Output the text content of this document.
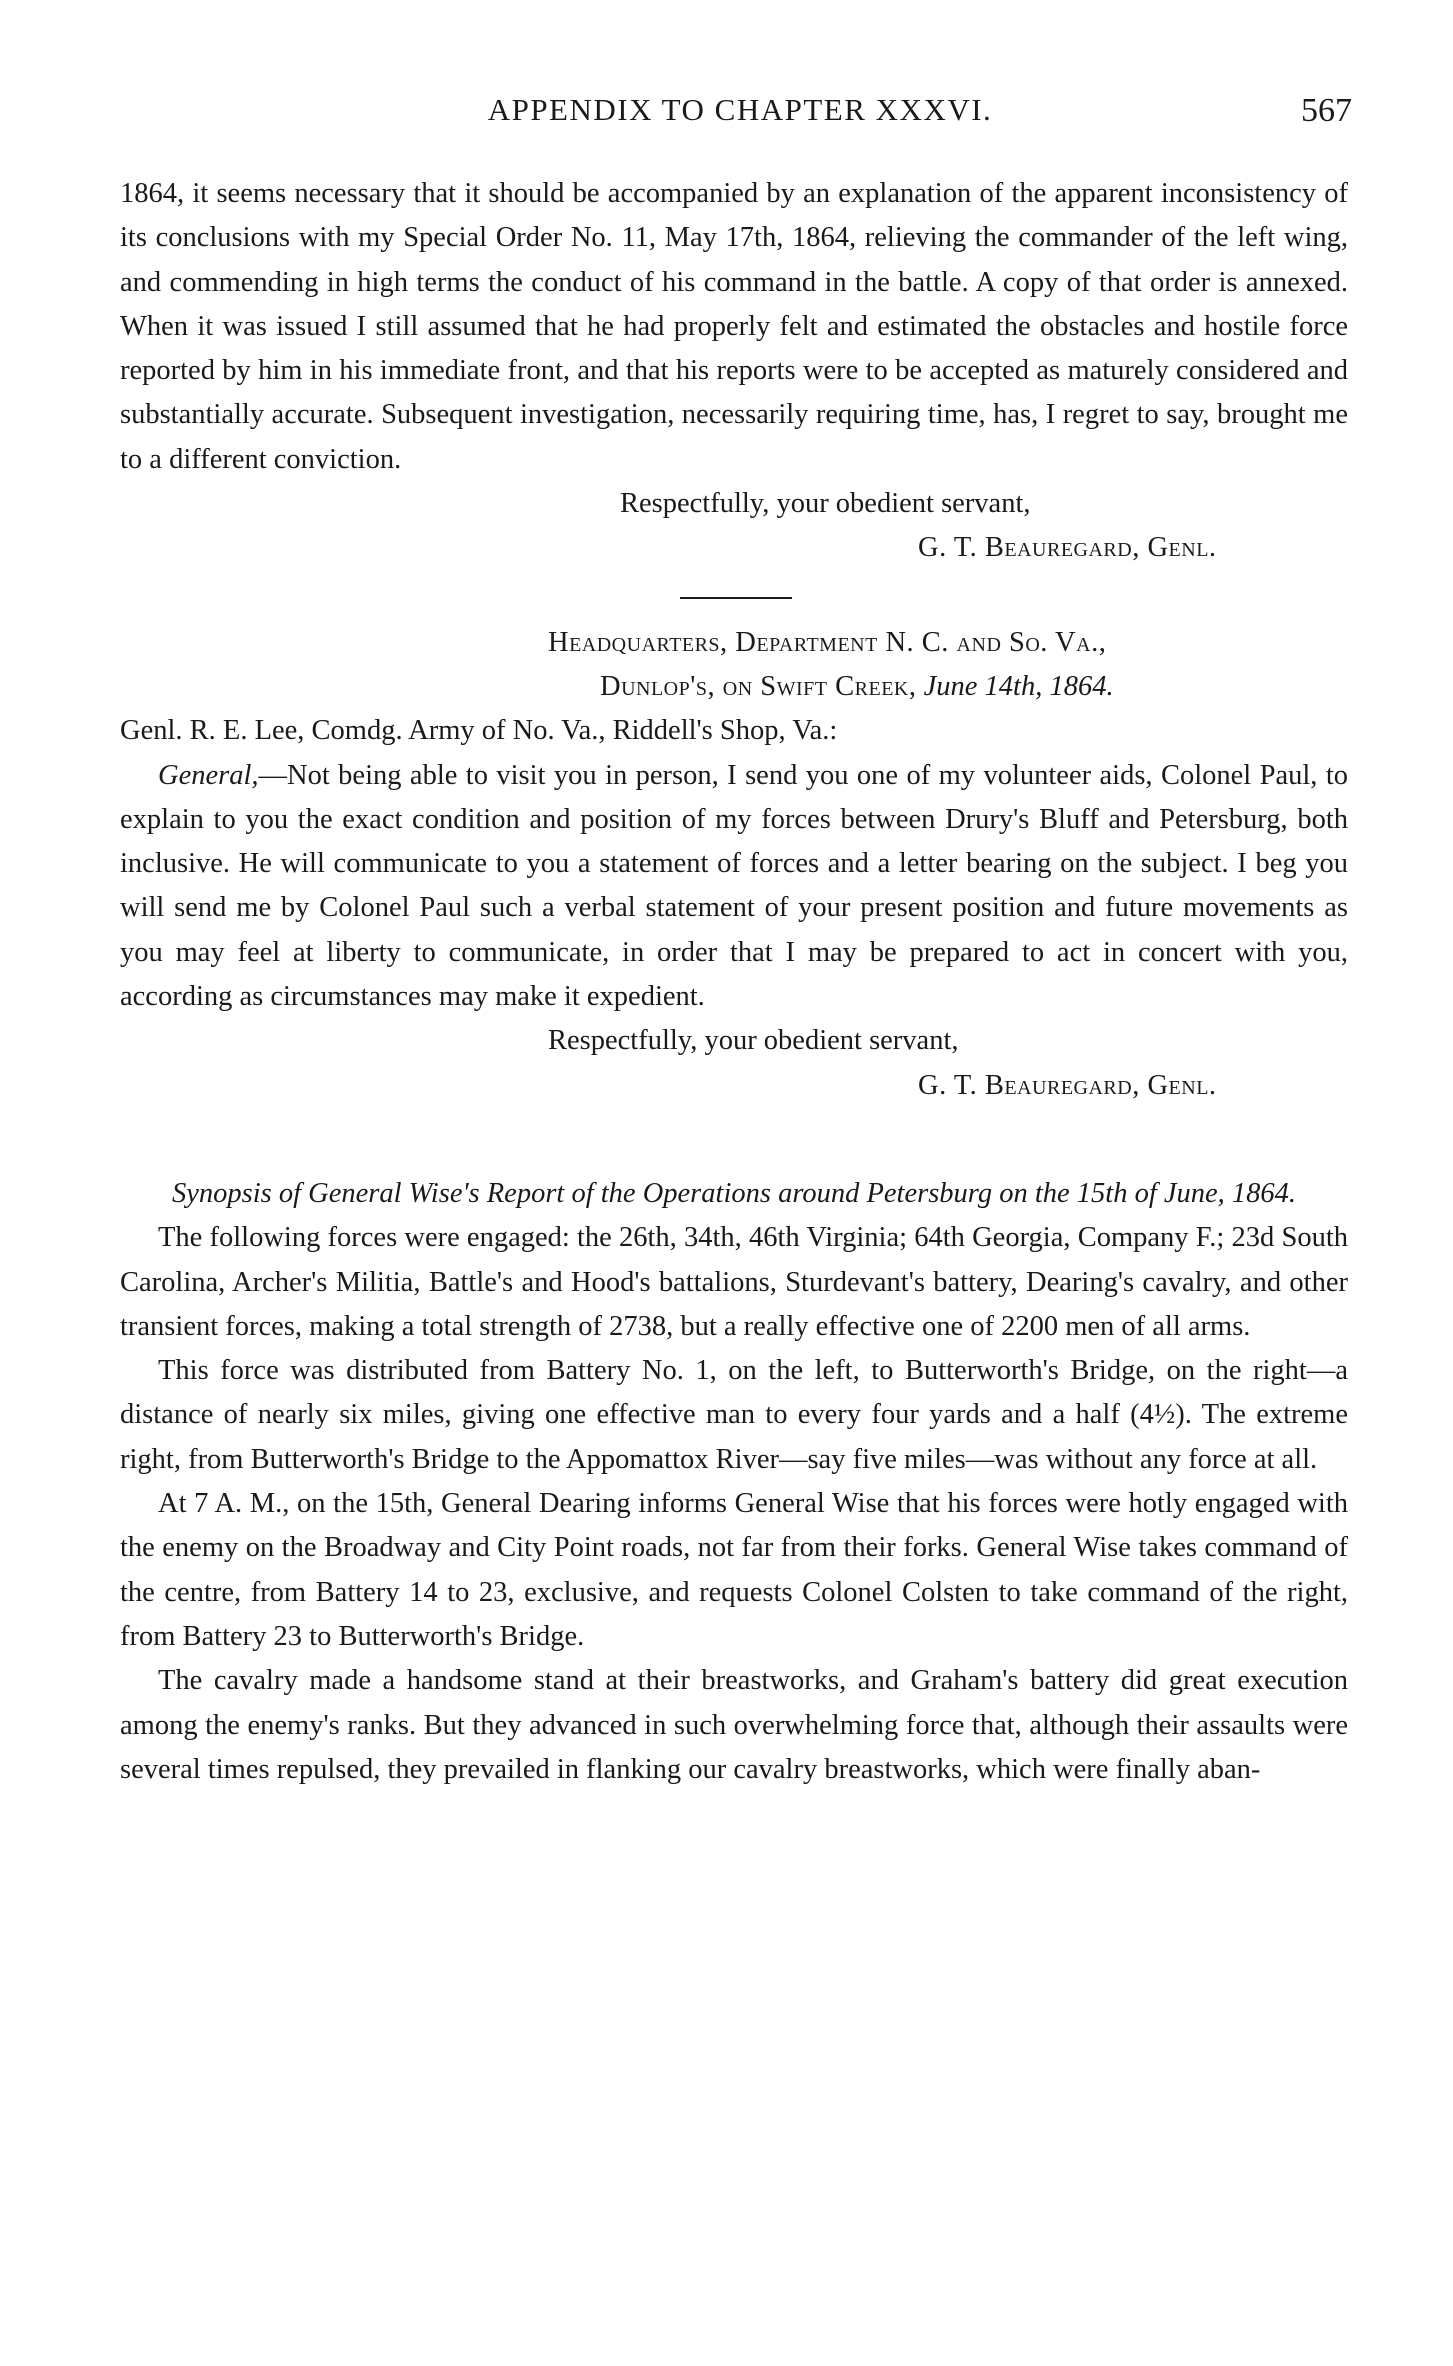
APPENDIX TO CHAPTER XXXVI.	567

1864, it seems necessary that it should be accompanied by an explanation of the apparent inconsistency of its conclusions with my Special Order No. 11, May 17th, 1864, relieving the commander of the left wing, and commending in high terms the conduct of his command in the battle. A copy of that order is annexed. When it was issued I still assumed that he had properly felt and estimated the obstacles and hostile force reported by him in his immediate front, and that his reports were to be accepted as maturely considered and substantially accurate. Subsequent investigation, necessarily requiring time, has, I regret to say, brought me to a different conviction.

Respectfully, your obedient servant,
G. T. Beauregard, Genl.
Headquarters, Department N. C. and So. Va.,
Dunlop's, on Swift Creek, June 14th, 1864.

Genl. R. E. Lee, Comdg. Army of No. Va., Riddell's Shop, Va.:

General,—Not being able to visit you in person, I send you one of my volunteer aids, Colonel Paul, to explain to you the exact condition and position of my forces between Drury's Bluff and Petersburg, both inclusive. He will communicate to you a statement of forces and a letter bearing on the subject. I beg you will send me by Colonel Paul such a verbal statement of your present position and future movements as you may feel at liberty to communicate, in order that I may be prepared to act in concert with you, according as circumstances may make it expedient.

Respectfully, your obedient servant,
G. T. Beauregard, Genl.

Synopsis of General Wise's Report of the Operations around Petersburg on the 15th of June, 1864.

The following forces were engaged: the 26th, 34th, 46th Virginia; 64th Georgia, Company F.; 23d South Carolina, Archer's Militia, Battle's and Hood's battalions, Sturdevant's battery, Dearing's cavalry, and other transient forces, making a total strength of 2738, but a really effective one of 2200 men of all arms.

This force was distributed from Battery No. 1, on the left, to Butterworth's Bridge, on the right—a distance of nearly six miles, giving one effective man to every four yards and a half (4½). The extreme right, from Butterworth's Bridge to the Appomattox River—say five miles—was without any force at all.

At 7 A. M., on the 15th, General Dearing informs General Wise that his forces were hotly engaged with the enemy on the Broadway and City Point roads, not far from their forks. General Wise takes command of the centre, from Battery 14 to 23, exclusive, and requests Colonel Colsten to take command of the right, from Battery 23 to Butterworth's Bridge.

The cavalry made a handsome stand at their breastworks, and Graham's battery did great execution among the enemy's ranks. But they advanced in such overwhelming force that, although their assaults were several times repulsed, they prevailed in flanking our cavalry breastworks, which were finally aban-
